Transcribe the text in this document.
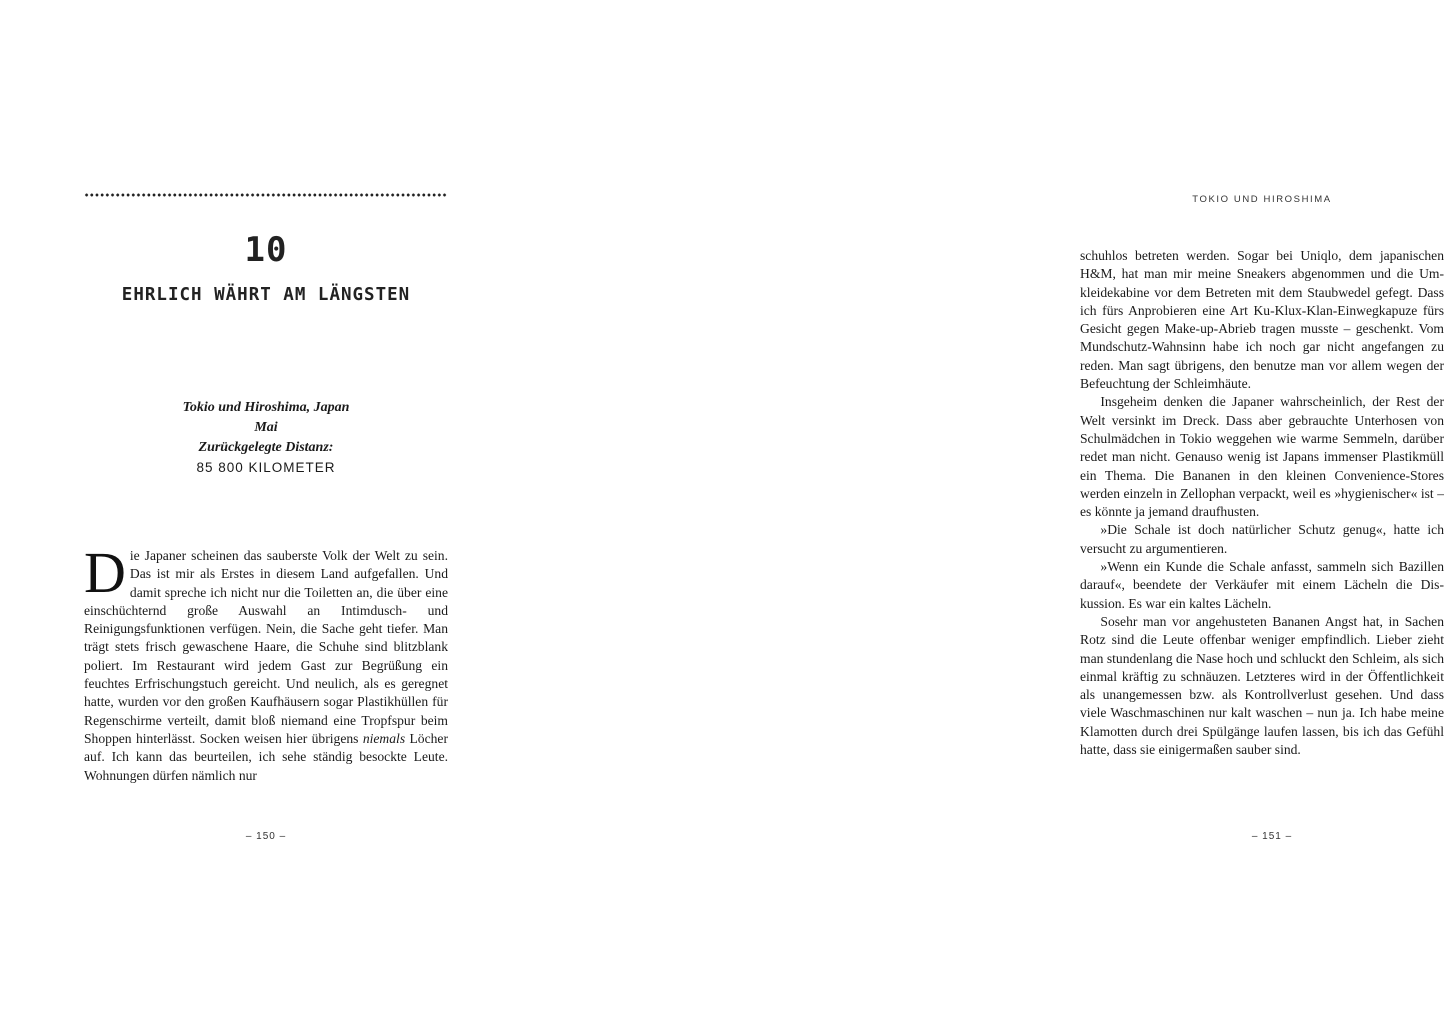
10
EHRLICH WÄHRT AM LÄNGSTEN
Tokio und Hiroshima, Japan
Mai
Zurückgelegte Distanz:
85 800 KILOMETER

Die Japaner scheinen das sauberste Volk der Welt zu sein. Das ist mir als Erstes in diesem Land aufgefallen. Und damit spreche ich nicht nur die Toiletten an, die über eine einschüchternd große Auswahl an Intimdusch- und Reinigungsfunktionen verfügen. Nein, die Sache geht tiefer. Man trägt stets frisch gewaschene Haare, die Schuhe sind blitzblank poliert. Im Restaurant wird jedem Gast zur Begrüßung ein feuchtes Erfrischungstuch gereicht. Und neulich, als es geregnet hatte, wurden vor den großen Kaufhäusern sogar Plastikhüllen für Regenschirme verteilt, damit bloß niemand eine Tropfspur beim Shoppen hinterlässt. Socken weisen hier übrigens niemals Löcher auf. Ich kann das beurteilen, ich sehe ständig besockte Leute. Wohnungen dürfen nämlich nur

– 150 –
TOKIO UND HIROSHIMA

schuhlos betreten werden. Sogar bei Uniqlo, dem japanischen H&M, hat man mir meine Sneakers abgenommen und die Umkleidekabine vor dem Betreten mit dem Staubwedel gefegt. Dass ich fürs Anprobieren eine Art Ku-Klux-Klan-Einwegkapuze fürs Gesicht gegen Make-up-Abrieb tragen musste – geschenkt. Vom Mundschutz-Wahnsinn habe ich noch gar nicht angefangen zu reden. Man sagt übrigens, den benutze man vor allem wegen der Befeuchtung der Schleimhäute.

Insgeheim denken die Japaner wahrscheinlich, der Rest der Welt versinkt im Dreck. Dass aber gebrauchte Unterhosen von Schulmädchen in Tokio weggehen wie warme Semmeln, darüber redet man nicht. Genauso wenig ist Japans immenser Plastikmüll ein Thema. Die Bananen in den kleinen Convenience-Stores werden einzeln in Zellophan verpackt, weil es »hygienischer« ist – es könnte ja jemand draufhusten.

»Die Schale ist doch natürlicher Schutz genug«, hatte ich versucht zu argumentieren.

»Wenn ein Kunde die Schale anfasst, sammeln sich Bazillen darauf«, beendete der Verkäufer mit einem Lächeln die Diskussion. Es war ein kaltes Lächeln.

Sosehr man vor angehusteten Bananen Angst hat, in Sachen Rotz sind die Leute offenbar weniger empfindlich. Lieber zieht man stundenlang die Nase hoch und schluckt den Schleim, als sich einmal kräftig zu schnäuzen. Letzteres wird in der Öffentlichkeit als unangemessen bzw. als Kontrollverlust gesehen. Und dass viele Waschmaschinen nur kalt waschen – nun ja. Ich habe meine Klamotten durch drei Spülgänge laufen lassen, bis ich das Gefühl hatte, dass sie einigermaßen sauber sind.

– 151 –
